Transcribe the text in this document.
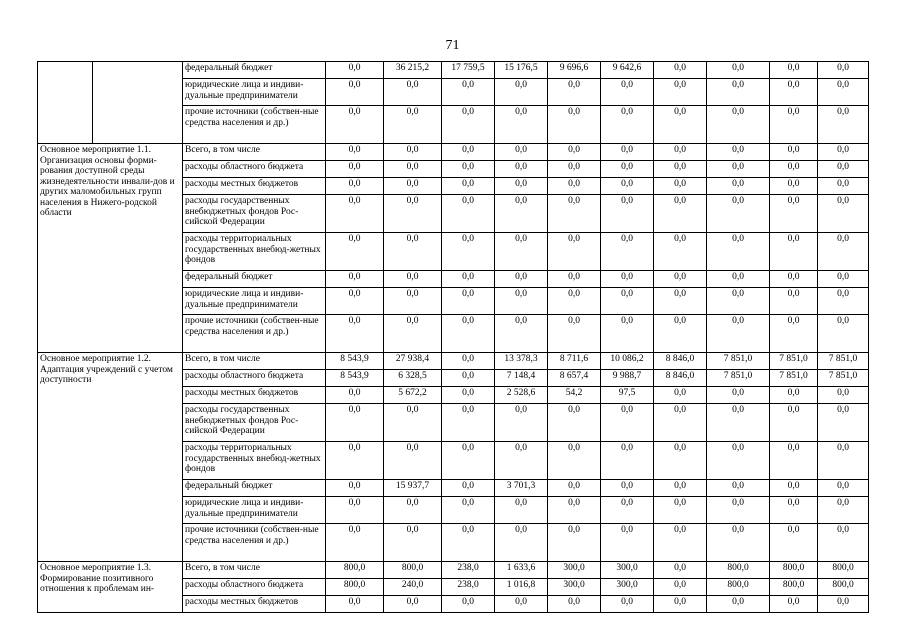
71
		федеральный бюджет	0,0	36 215,2	17 759,5	15 176,5	9 696,6	9 642,6	0,0	0,0	0,0	0,0
		юридические лица и индиви-дуальные предприниматели	0,0	0,0	0,0	0,0	0,0	0,0	0,0	0,0	0,0	0,0
		прочие источники (собствен-ные средства населения и др.)	0,0	0,0	0,0	0,0	0,0	0,0	0,0	0,0	0,0	0,0
Основное мероприятие 1.1. Организация основы форми-рования доступной среды жизнедеятельности инвали-дов и других маломобильных групп населения в Нижего-родской области		Всего, в том числе	0,0	0,0	0,0	0,0	0,0	0,0	0,0	0,0	0,0	0,0
		расходы областного бюджета	0,0	0,0	0,0	0,0	0,0	0,0	0,0	0,0	0,0	0,0
		расходы местных бюджетов	0,0	0,0	0,0	0,0	0,0	0,0	0,0	0,0	0,0	0,0
		расходы государственных внебюджетных фондов Рос-сийской Федерации	0,0	0,0	0,0	0,0	0,0	0,0	0,0	0,0	0,0	0,0
		расходы территориальных государственных внебюд-жетных фондов	0,0	0,0	0,0	0,0	0,0	0,0	0,0	0,0	0,0	0,0
		федеральный бюджет	0,0	0,0	0,0	0,0	0,0	0,0	0,0	0,0	0,0	0,0
		юридические лица и индиви-дуальные предприниматели	0,0	0,0	0,0	0,0	0,0	0,0	0,0	0,0	0,0	0,0
		прочие источники (собствен-ные средства населения и др.)	0,0	0,0	0,0	0,0	0,0	0,0	0,0	0,0	0,0	0,0
Основное мероприятие 1.2. Адаптация учреждений с учетом доступности		Всего, в том числе	8 543,9	27 938,4	0,0	13 378,3	8 711,6	10 086,2	8 846,0	7 851,0	7 851,0	7 851,0
		расходы областного бюджета	8 543,9	6 328,5	0,0	7 148,4	8 657,4	9 988,7	8 846,0	7 851,0	7 851,0	7 851,0
		расходы местных бюджетов	0,0	5 672,2	0,0	2 528,6	54,2	97,5	0,0	0,0	0,0	0,0
		расходы государственных внебюджетных фондов Рос-сийской Федерации	0,0	0,0	0,0	0,0	0,0	0,0	0,0	0,0	0,0	0,0
		расходы территориальных государственных внебюд-жетных фондов	0,0	0,0	0,0	0,0	0,0	0,0	0,0	0,0	0,0	0,0
		федеральный бюджет	0,0	15 937,7	0,0	3 701,3	0,0	0,0	0,0	0,0	0,0	0,0
		юридические лица и индиви-дуальные предприниматели	0,0	0,0	0,0	0,0	0,0	0,0	0,0	0,0	0,0	0,0
		прочие источники (собствен-ные средства населения и др.)	0,0	0,0	0,0	0,0	0,0	0,0	0,0	0,0	0,0	0,0
Основное мероприятие 1.3. Формирование позитивного отношения к проблемам ин-		Всего, в том числе	800,0	800,0	238,0	1 633,6	300,0	300,0	0,0	800,0	800,0	800,0
		расходы областного бюджета	800,0	240,0	238,0	1 016,8	300,0	300,0	0,0	800,0	800,0	800,0
		расходы местных бюджетов	0,0	0,0	0,0	0,0	0,0	0,0	0,0	0,0	0,0	0,0
